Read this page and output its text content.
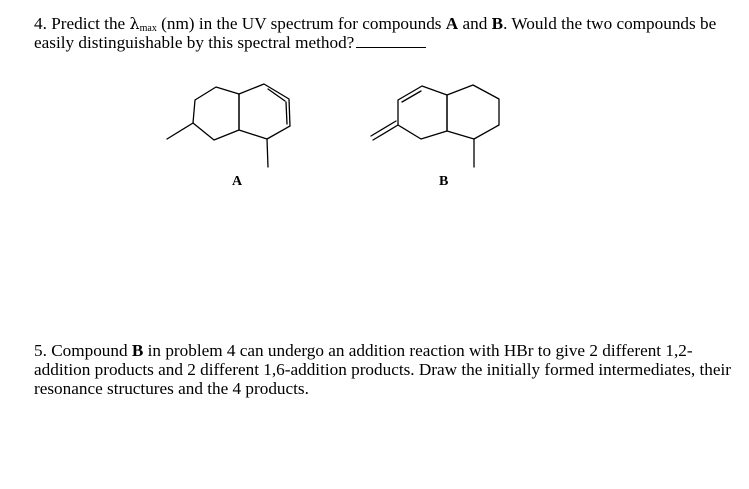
4. Predict the $\lambda_{max}$ (nm) in the UV spectrum for compounds A and B. Would the two compounds be easily distinguishable by this spectral method?

A	B

5. Compound B in problem 4 can undergo an addition reaction with HBr to give 2 different 1,2-addition products and 2 different 1,6-addition products. Draw the initially formed intermediates, their resonance structures and the 4 products.
